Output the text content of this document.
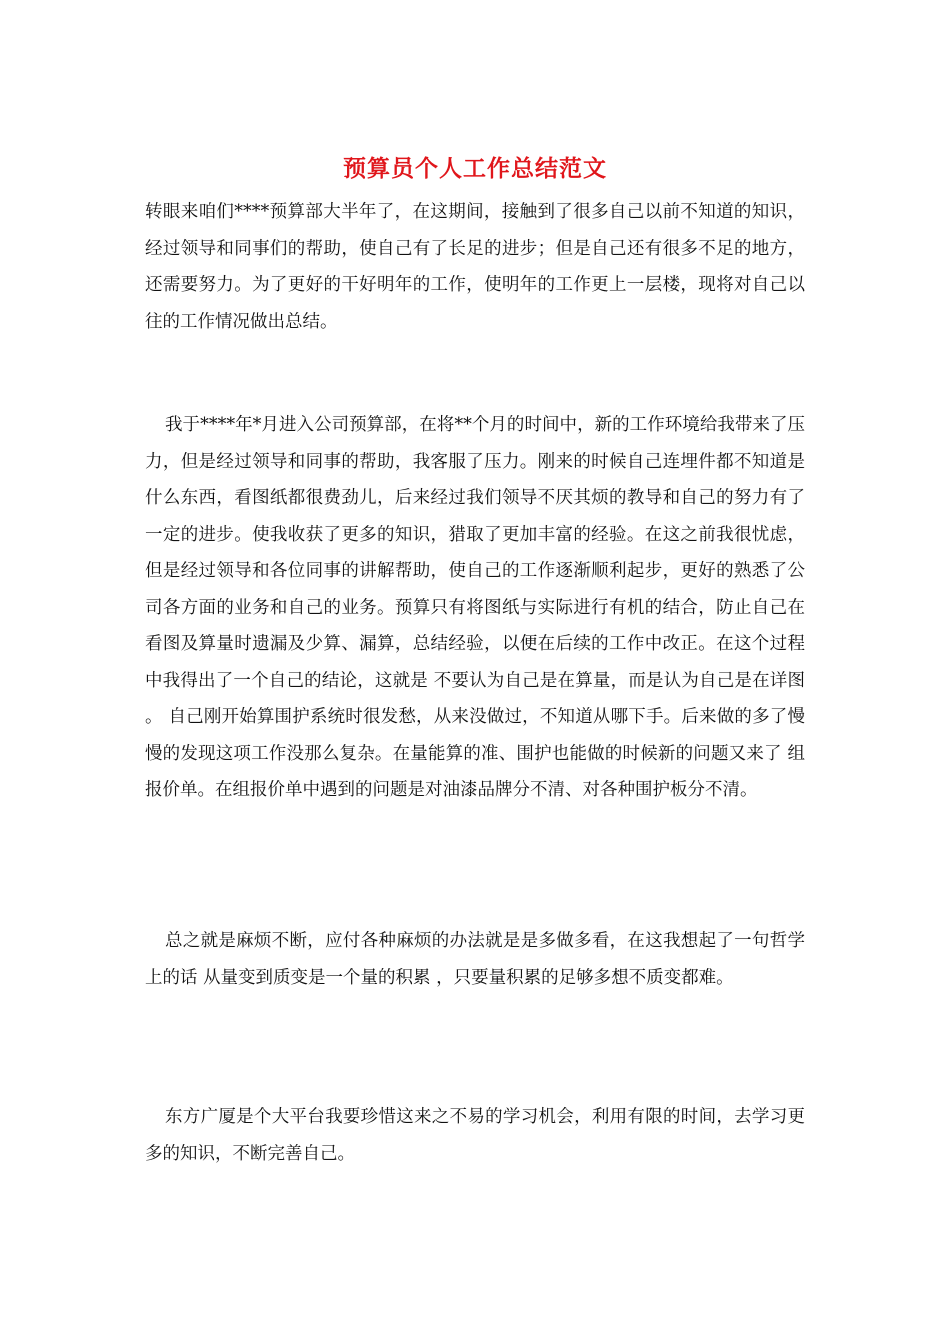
预算员个人工作总结范文
转眼来咱们****预算部大半年了，在这期间，接触到了很多自己以前不知道的知识，经过领导和同事们的帮助，使自己有了长足的进步；但是自己还有很多不足的地方，还需要努力。为了更好的干好明年的工作，使明年的工作更上一层楼，现将对自己以往的工作情况做出总结。
我于****年*月进入公司预算部，在将**个月的时间中，新的工作环境给我带来了压力，但是经过领导和同事的帮助，我客服了压力。刚来的时候自己连埋件都不知道是什么东西，看图纸都很费劲儿，后来经过我们领导不厌其烦的教导和自己的努力有了一定的进步。使我收获了更多的知识，猎取了更加丰富的经验。在这之前我很忧虑，但是经过领导和各位同事的讲解帮助，使自己的工作逐渐顺利起步，更好的熟悉了公司各方面的业务和自己的业务。预算只有将图纸与实际进行有机的结合，防止自己在看图及算量时遗漏及少算、漏算，总结经验，以便在后续的工作中改正。在这个过程中我得出了一个自己的结论，这就是 不要认为自己是在算量，而是认为自己是在详图 。 自己刚开始算围护系统时很发愁，从来没做过，不知道从哪下手。后来做的多了慢慢的发现这项工作没那么复杂。在量能算的准、围护也能做的时候新的问题又来了 组报价单。在组报价单中遇到的问题是对油漆品牌分不清、对各种围护板分不清。
总之就是麻烦不断，应付各种麻烦的办法就是是多做多看，在这我想起了一句哲学上的话 从量变到质变是一个量的积累 ，只要量积累的足够多想不质变都难。
东方广厦是个大平台我要珍惜这来之不易的学习机会，利用有限的时间，去学习更多的知识，不断完善自己。
